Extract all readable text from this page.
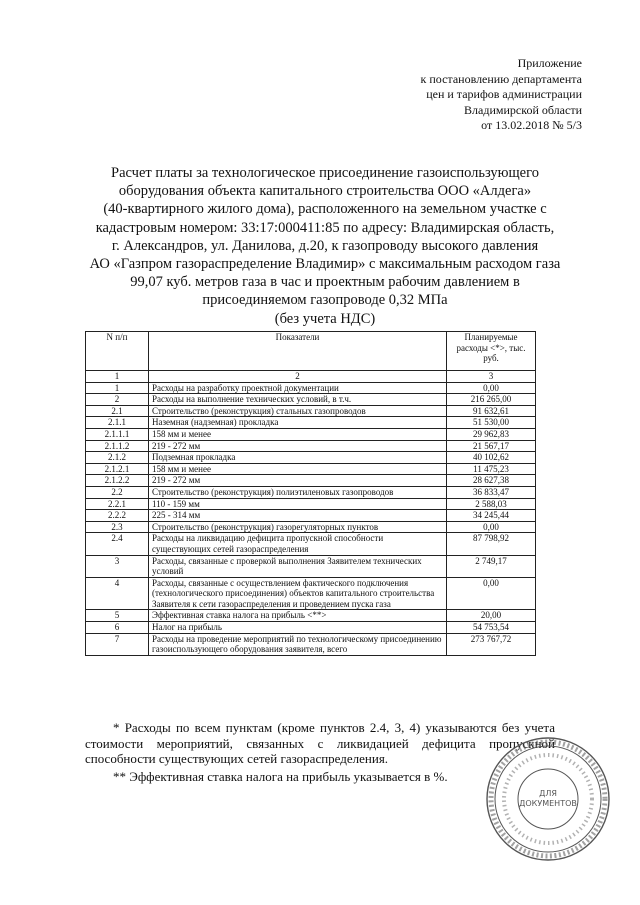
Приложение
к постановлению департамента
цен и тарифов администрации
Владимирской области
от 13.02.2018 № 5/3
Расчет платы за технологическое присоединение газоиспользующего
оборудования объекта капитального строительства ООО «Алдега»
(40-квартирного жилого дома), расположенного на земельном участке с
кадастровым номером: 33:17:000411:85 по адресу: Владимирская область,
г. Александров, ул. Данилова, д.20, к газопроводу высокого давления
АО «Газпром газораспределение Владимир» с максимальным расходом газа
99,07 куб. метров газа в час и проектным рабочим давлением в
присоединяемом газопроводе 0,32 МПа
(без учета НДС)
N п/п	Показатели	Планируемые расходы <*>, тыс. руб.
1	2	3
1	Расходы на разработку проектной документации	0,00
2	Расходы на выполнение технических условий, в т.ч.	216 265,00
2.1	Строительство (реконструкция) стальных газопроводов	91 632,61
2.1.1	Наземная (надземная) прокладка	51 530,00
2.1.1.1	158 мм и менее	29 962,83
2.1.1.2	219 - 272 мм	21 567,17
2.1.2	Подземная прокладка	40 102,62
2.1.2.1	158 мм и менее	11 475,23
2.1.2.2	219 - 272 мм	28 627,38
2.2	Строительство (реконструкция) полиэтиленовых газопроводов	36 833,47
2.2.1	110 - 159 мм	2 588,03
2.2.2	225 - 314 мм	34 245,44
2.3	Строительство (реконструкция) газорегуляторных пунктов	0,00
2.4	Расходы на ликвидацию дефицита пропускной способности существующих сетей газораспределения	87 798,92
3	Расходы, связанные с проверкой выполнения Заявителем технических условий	2 749,17
4	Расходы, связанные с осуществлением фактического подключения (технологического присоединения) объектов капитального строительства Заявителя к сети газораспределения и проведением пуска газа	0,00
5	Эффективная ставка налога на прибыль <**>	20,00
6	Налог на прибыль	54 753,54
7	Расходы на проведение мероприятий по технологическому присоединению газоиспользующего оборудования заявителя, всего	273 767,72
* Расходы по всем пунктам (кроме пунктов 2.4, 3, 4) указываются без учета стоимости мероприятий, связанных с ликвидацией дефицита пропускной способности существующих сетей газораспределения.
** Эффективная ставка налога на прибыль указывается в %.
ДЛЯ
ДОКУМЕНТОВ
